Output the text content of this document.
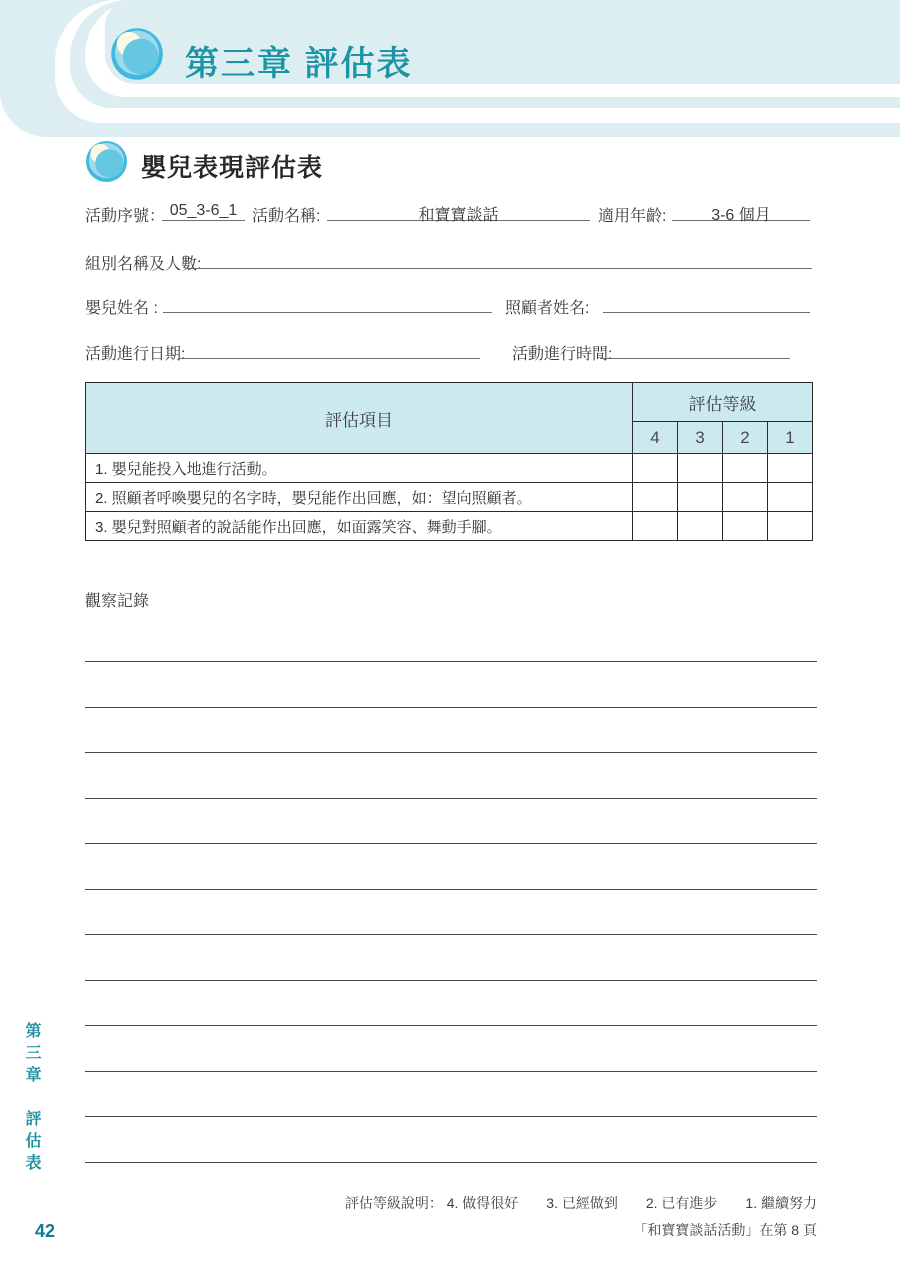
第三章 評估表
嬰兒表現評估表
活動序號： 05_3-6_1 活動名稱:	和寶寶談話	適用年齡:	3-6 個月
組別名稱及人數:
嬰兒姓名 :	照顧者姓名:
活動進行日期:	活動進行時間:
評估項目	評估等級			
	4	3	2	1
1. 嬰兒能投入地進行活動。				
2. 照顧者呼喚嬰兒的名字時，嬰兒能作出回應，如：望向照顧者。				
3. 嬰兒對照顧者的說話能作出回應，如面露笑容、舞動手腳。				
觀察記錄
第三章　評估表
評估等級說明： 4. 做得很好　　3. 已經做到　　2. 已有進步　　1. 繼續努力
「和寶寶談話活動」在第 8 頁
42
